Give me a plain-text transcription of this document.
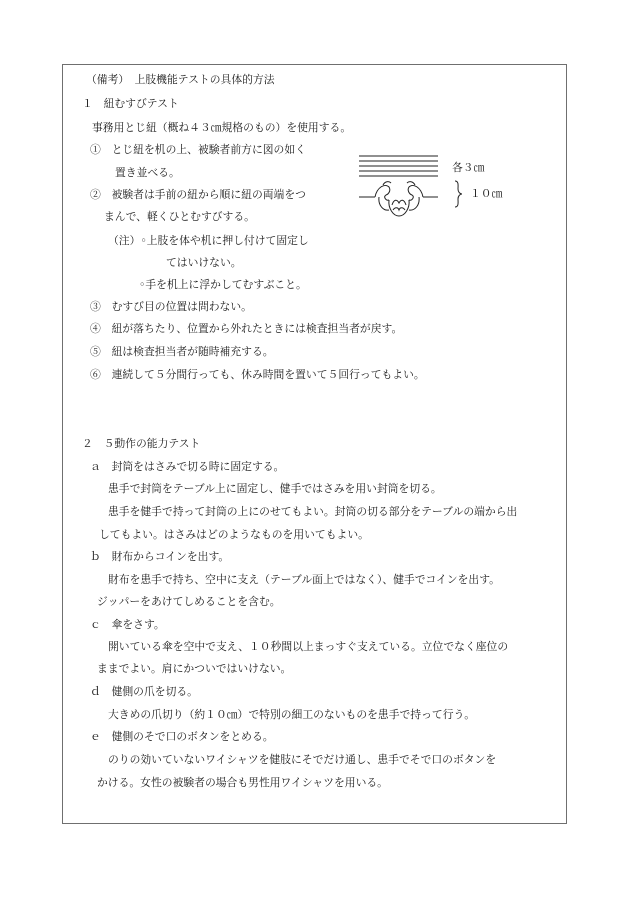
（備考）　上肢機能テストの具体的方法
１　紐むすびテスト
事務用とじ紐（概ね４３㎝規格のもの）を使用する。
①　とじ紐を机の上、被験者前方に図の如く
置き並べる。
②　被験者は手前の紐から順に紐の両端をつ
まんで、軽くひとむすびする。
（注）◦上肢を体や机に押し付けて固定し
てはいけない。
◦手を机上に浮かしてむすぶこと。
③　むすび目の位置は問わない。
④　紐が落ちたり、位置から外れたときには検査担当者が戻す。
⑤　紐は検査担当者が随時補充する。
⑥　連続して５分間行っても、休み時間を置いて５回行ってもよい。
各３㎝
１０㎝
２　５動作の能力テスト
ａ　封筒をはさみで切る時に固定する。
患手で封筒をテーブル上に固定し、健手ではさみを用い封筒を切る。
患手を健手で持って封筒の上にのせてもよい。封筒の切る部分をテーブルの端から出
してもよい。はさみはどのようなものを用いてもよい。
ｂ　財布からコインを出す。
財布を患手で持ち、空中に支え（テーブル面上ではなく）、健手でコインを出す。
ジッパーをあけてしめることを含む。
ｃ　傘をさす。
開いている傘を空中で支え、１０秒間以上まっすぐ支えている。立位でなく座位の
ままでよい。肩にかついではいけない。
ｄ　健側の爪を切る。
大きめの爪切り（約１０㎝）で特別の細工のないものを患手で持って行う。
ｅ　健側のそで口のボタンをとめる。
のりの効いていないワイシャツを健肢にそでだけ通し、患手でそで口のボタンを
かける。女性の被験者の場合も男性用ワイシャツを用いる。
